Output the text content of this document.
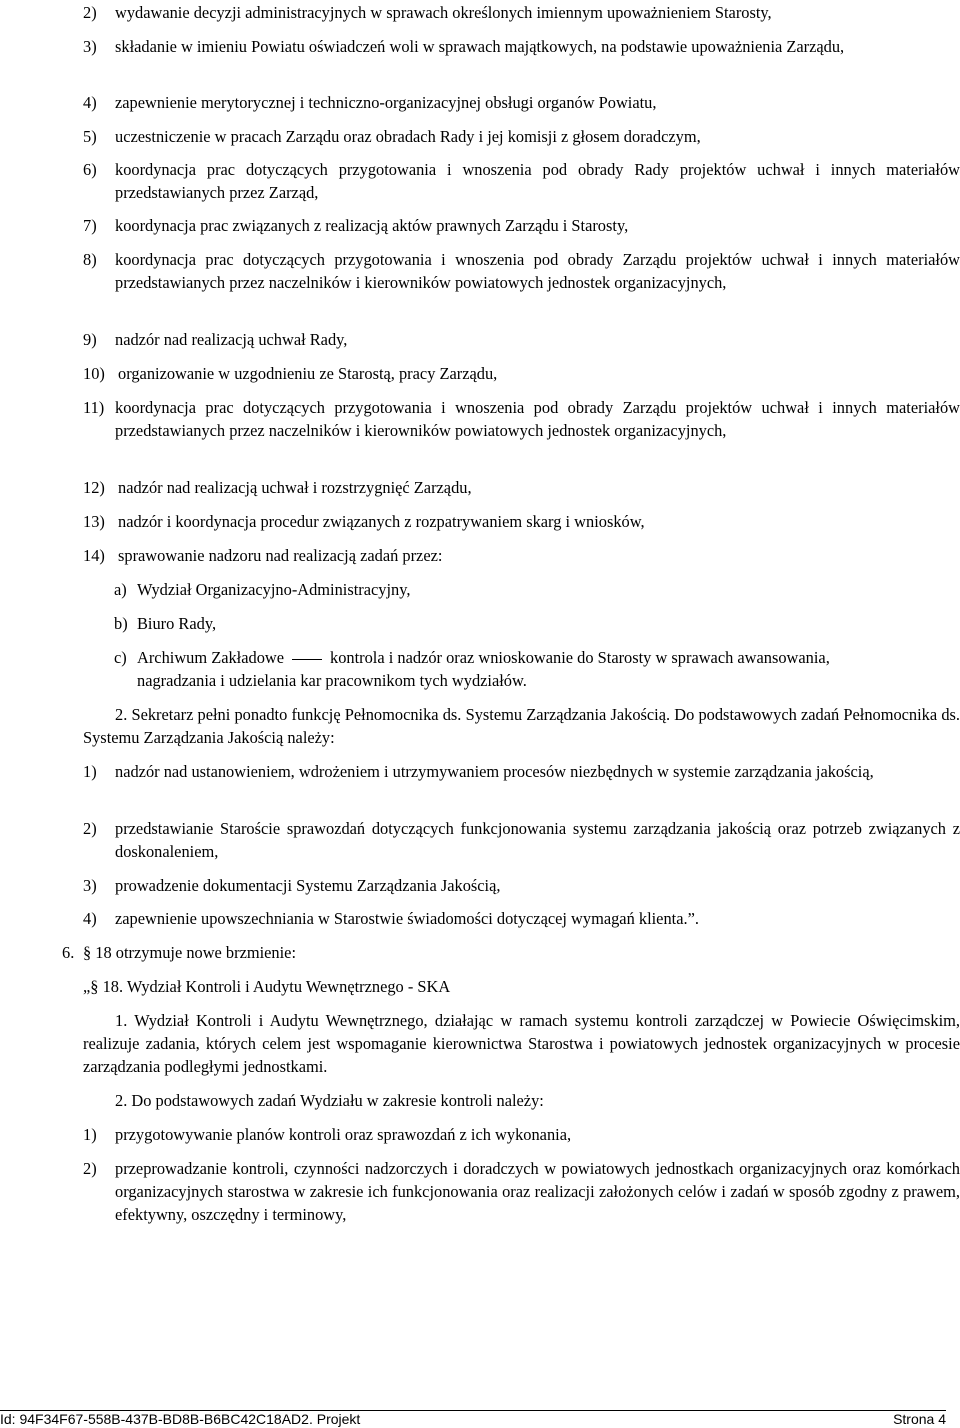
2)	wydawanie decyzji administracyjnych w sprawach określonych imiennym upoważnieniem Starosty,
3)	składanie w imieniu Powiatu oświadczeń woli w sprawach majątkowych, na podstawie upoważnienia Zarządu,
4)	zapewnienie merytorycznej i techniczno-organizacyjnej obsługi organów Powiatu,
5)	uczestniczenie w pracach Zarządu oraz obradach Rady i jej komisji z głosem doradczym,
6)	koordynacja prac dotyczących przygotowania i wnoszenia pod obrady Rady projektów uchwał i innych materiałów przedstawianych przez Zarząd,
7)	koordynacja prac związanych z realizacją aktów prawnych Zarządu i Starosty,
8)	koordynacja prac dotyczących przygotowania i wnoszenia pod obrady Zarządu projektów uchwał i innych materiałów przedstawianych przez naczelników i kierowników powiatowych jednostek organizacyjnych,
9)	nadzór nad realizacją uchwał Rady,
10) organizowanie w uzgodnieniu ze Starostą, pracy Zarządu,
11) koordynacja prac dotyczących przygotowania i wnoszenia pod obrady Zarządu projektów uchwał i innych materiałów przedstawianych przez naczelników i kierowników powiatowych jednostek organizacyjnych,
12) nadzór nad realizacją uchwał i rozstrzygnięć Zarządu,
13) nadzór i koordynacja procedur związanych z rozpatrywaniem skarg i wniosków,
14) sprawowanie nadzoru nad realizacją zadań przez:
a) Wydział Organizacyjno-Administracyjny,
b) Biuro Rady,
c) Archiwum Zakładowe	kontrola i nadzór oraz wnioskowanie do Starosty w sprawach awansowania,
nagradzania i udzielania kar pracownikom tych wydziałów.
2. Sekretarz pełni ponadto funkcję Pełnomocnika ds. Systemu Zarządzania Jakością. Do podstawowych zadań Pełnomocnika ds. Systemu Zarządzania Jakością należy:
1)	nadzór nad ustanowieniem, wdrożeniem i utrzymywaniem procesów niezbędnych w systemie zarządzania jakością,
2)	przedstawianie Staroście sprawozdań dotyczących funkcjonowania systemu zarządzania jakością oraz potrzeb związanych z doskonaleniem,
3)	prowadzenie dokumentacji Systemu Zarządzania Jakością,
4)	zapewnienie upowszechniania w Starostwie świadomości dotyczącej wymagań klienta.”.
6. § 18 otrzymuje nowe brzmienie:
„§ 18. Wydział Kontroli i Audytu Wewnętrznego - SKA
1. Wydział Kontroli i Audytu Wewnętrznego, działając w ramach systemu kontroli zarządczej w Powiecie Oświęcimskim, realizuje zadania, których celem jest wspomaganie kierownictwa Starostwa i powiatowych jednostek organizacyjnych w procesie zarządzania podległymi jednostkami.
2. Do podstawowych zadań Wydziału w zakresie kontroli należy:
1)	przygotowywanie planów kontroli oraz sprawozdań z ich wykonania,
2)	przeprowadzanie kontroli, czynności nadzorczych i doradczych w powiatowych jednostkach organizacyjnych oraz komórkach organizacyjnych starostwa w zakresie ich funkcjonowania oraz realizacji założonych celów i zadań w sposób zgodny z prawem, efektywny, oszczędny i terminowy,
Id: 94F34F67-558B-437B-BD8B-B6BC42C18AD2. Projekt	Strona 4
